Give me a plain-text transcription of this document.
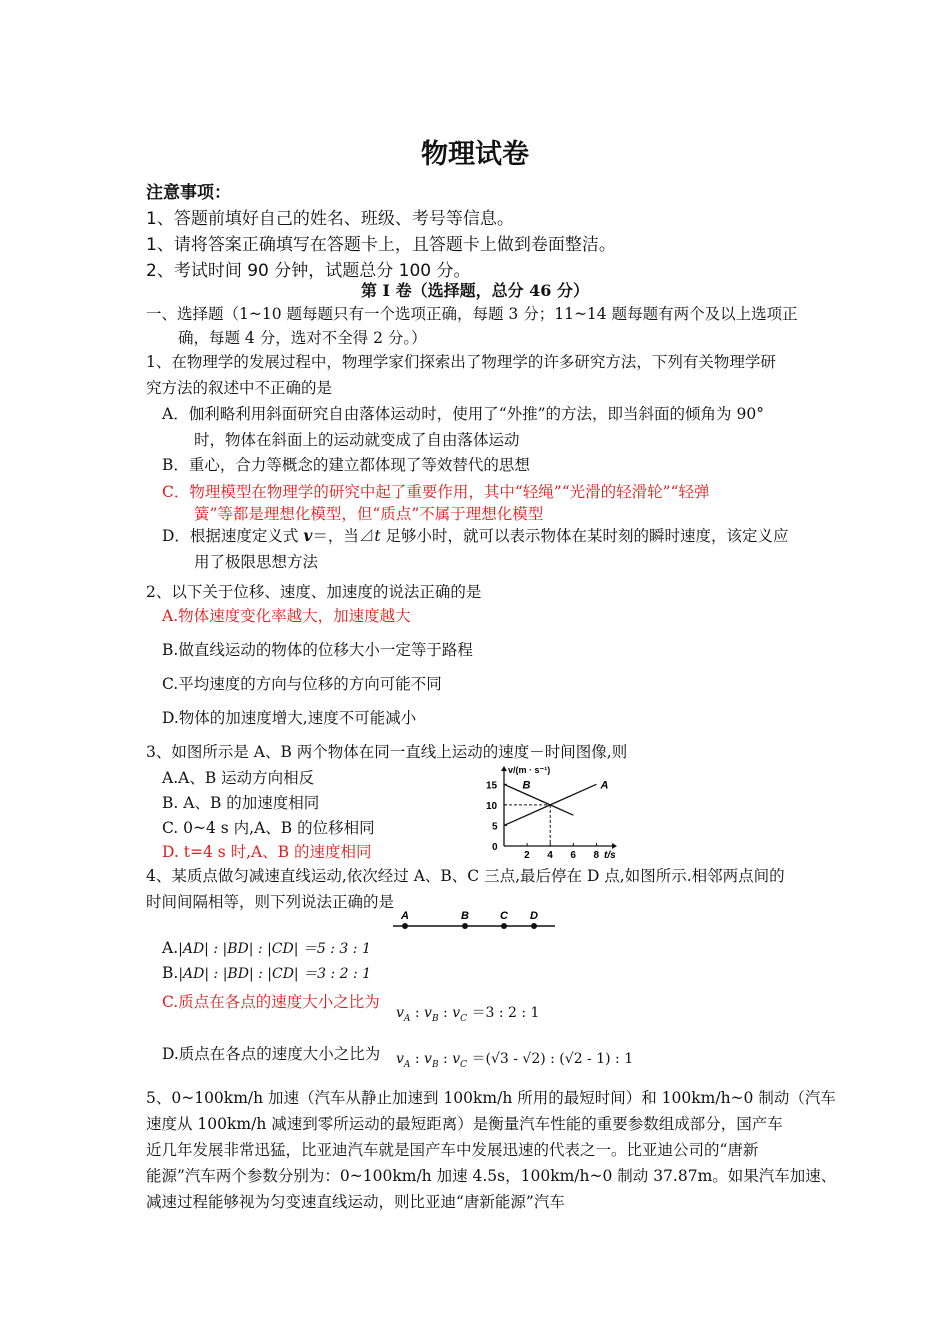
物理试卷
注意事项：
1、答题前填好自己的姓名、班级、考号等信息。
1、请将答案正确填写在答题卡上，且答题卡上做到卷面整洁。
2、考试时间 90 分钟，试题总分 100 分。
第 I 卷（选择题，总分 46 分）
一、选择题（1~10 题每题只有一个选项正确，每题 3 分；11~14 题每题有两个及以上选项正
确，每题 4 分，选对不全得 2 分。）
1、在物理学的发展过程中，物理学家们探索出了物理学的许多研究方法，下列有关物理学研
究方法的叙述中不正确的是
A．伽利略利用斜面研究自由落体运动时，使用了“外推”的方法，即当斜面的倾角为 90°
时，物体在斜面上的运动就变成了自由落体运动
B．重心，合力等概念的建立都体现了等效替代的思想
C．物理模型在物理学的研究中起了重要作用，其中“轻绳”“光滑的轻滑轮”“轻弹
簧”等都是理想化模型，但“质点”不属于理想化模型
D．根据速度定义式 v＝，当⊿t 足够小时，就可以表示物体在某时刻的瞬时速度，该定义应
用了极限思想方法
2、以下关于位移、速度、加速度的说法正确的是
A.物体速度变化率越大，加速度越大
B.做直线运动的物体的位移大小一定等于路程
C.平均速度的方向与位移的方向可能不同
D.物体的加速度增大,速度不可能减小
3、如图所示是 A、B 两个物体在同一直线上运动的速度－时间图像,则
A.A、B 运动方向相反
B. A、B 的加速度相同
C. 0~4 s 内,A、B 的位移相同
D. t=4 s 时,A、B 的速度相同	2 4 6 8
0
5
10
15	A
B
v/(m · s⁻¹)
t/s
4、某质点做匀减速直线运动,依次经过 A、B、C 三点,最后停在 D 点,如图所示.相邻两点间的
时间间隔相等，则下列说法正确的是
A	B	C D
A.|AD| : |BD| : |CD| ＝5 : 3 : 1
B.|AD| : |BD| : |CD| ＝3 : 2 : 1
C.质点在各点的速度大小之比为
$v_A$ : $v_B$ : $v_C =3$ : 2 : 1
D.质点在各点的速度大小之比为 $v_A$ : $v_B$ : $v_C =(√3 - √2)$ : (√2 - 1) : 1
5、0~100km/h 加速（汽车从静止加速到 100km/h 所用的最短时间）和 100km/h~0 制动（汽车
速度从 100km/h 减速到零所运动的最短距离）是衡量汽车性能的重要参数组成部分，国产车
近几年发展非常迅猛，比亚迪汽车就是国产车中发展迅速的代表之一。比亚迪公司的“唐新
能源”汽车两个参数分别为：0~100km/h 加速 4.5s，100km/h~0 制动 37.87m。如果汽车加速、
减速过程能够视为匀变速直线运动，则比亚迪“唐新能源”汽车
